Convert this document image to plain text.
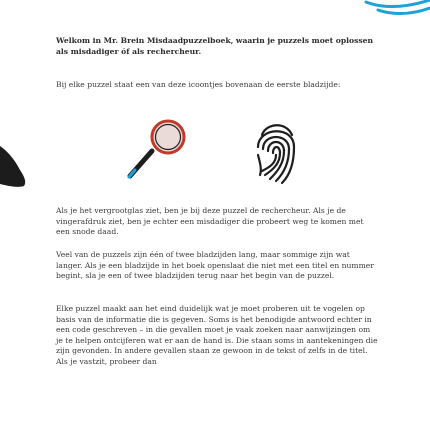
Welkom in Mr. Brein Misdaadpuzzelboek, waarin je puzzels moet oplossen als misdadiger óf als rechercheur.

Bij elke puzzel staat een van deze icoontjes bovenaan de eerste bladzijde:

Als je het vergrootglas ziet, ben je bij deze puzzel de rechercheur. Als je de vingerafdruk ziet, ben je echter een misdadiger die probeert weg te komen met een snode daad.

Veel van de puzzels zijn één of twee bladzijden lang, maar sommige zijn wat langer. Als je een bladzijde in het boek openslaat die niet met een titel en nummer begint, sla je een of twee bladzijden terug naar het begin van de puzzel.

Elke puzzel maakt aan het eind duidelijk wat je moet proberen uit te vogelen op basis van de informatie die is gegeven. Soms is het benodigde antwoord echter in een code geschreven – in die gevallen moet je vaak zoeken naar aanwijzingen om je te helpen ontcijferen wat er aan de hand is. Die staan soms in aantekeningen die zijn gevonden. In andere gevallen staan ze gewoon in de tekst of zelfs in de titel. Als je vastzit, probeer dan
